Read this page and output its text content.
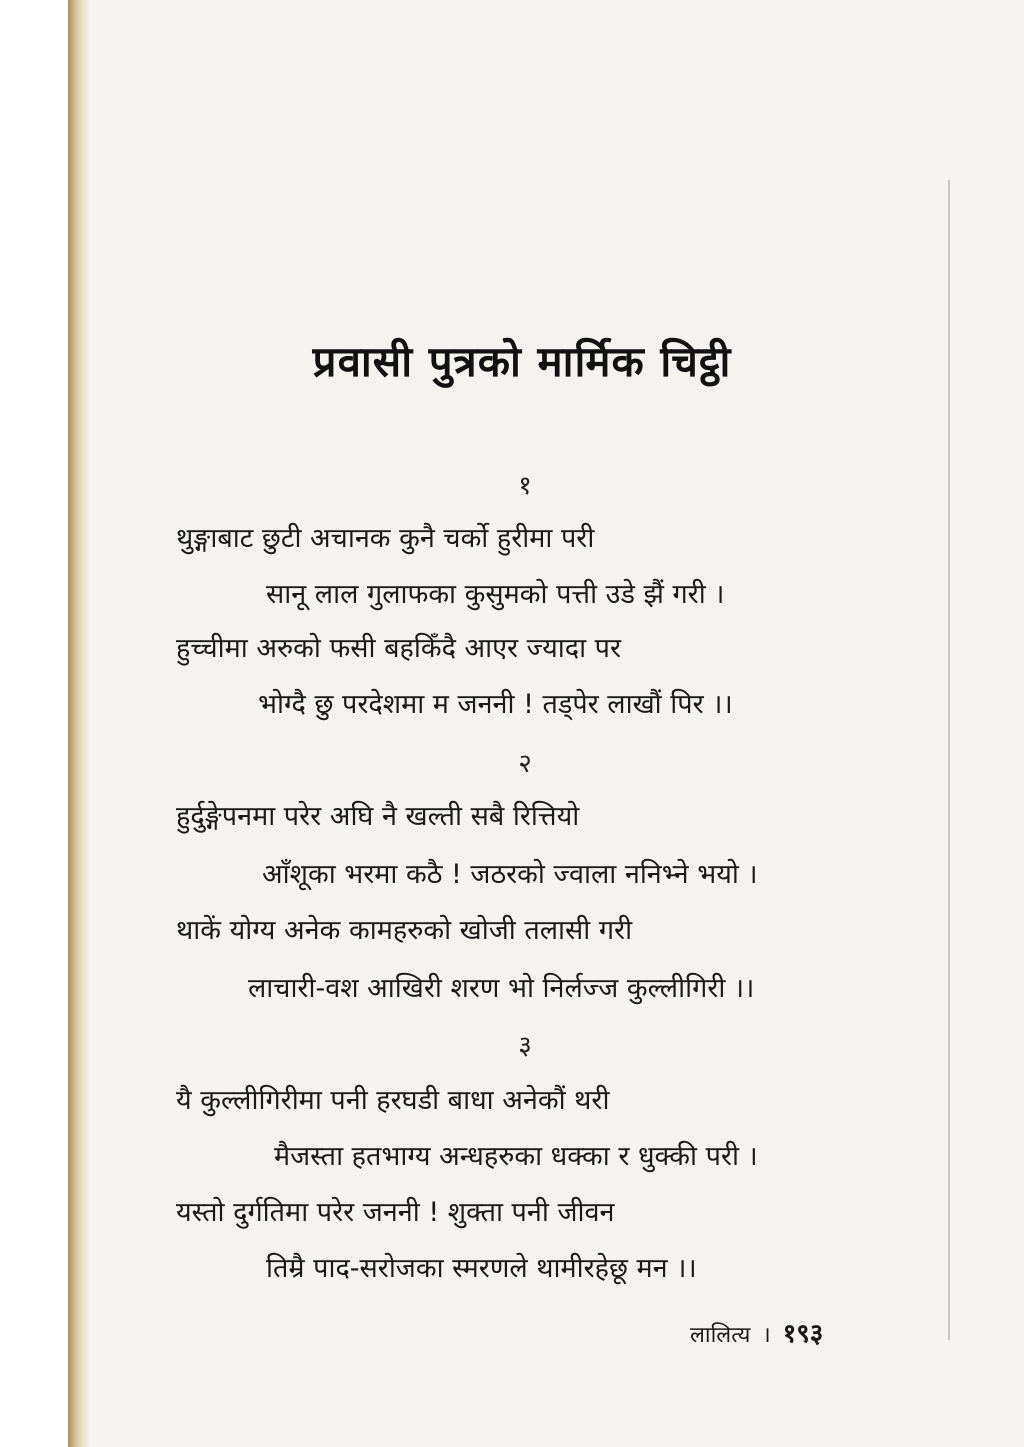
प्रवासी पुत्रको मार्मिक चिट्ठी
१
थुङ्गाबाट छुटी अचानक कुनै चर्को हुरीमा परी
सानू लाल गुलाफका कुसुमको पत्ती उडे झैं गरी ।
हुच्चीमा अरुको फसी बहकिँदै आएर ज्यादा पर
भोग्दै छु परदेशमा म जननी ! तड्पेर लाखौं पिर ।।
२
हुर्दुङ्गेपनमा परेर अघि नै खल्ती सबै रित्तियो
आँशूका भरमा कठै ! जठरको ज्वाला ननिभ्ने भयो ।
थाकें योग्य अनेक कामहरुको खोजी तलासी गरी
लाचारी-वश आखिरी शरण भो निर्लज्ज कुल्लीगिरी ।।
३
यै कुल्लीगिरीमा पनी हरघडी बाधा अनेकौं थरी
मैजस्ता हतभाग्य अन्धहरुका धक्का र धुक्की परी ।
यस्तो दुर्गतिमा परेर जननी ! शुक्ता पनी जीवन
तिम्रै पाद-सरोजका स्मरणले थामीरहेछू मन ।।
लालित्य । १९३
